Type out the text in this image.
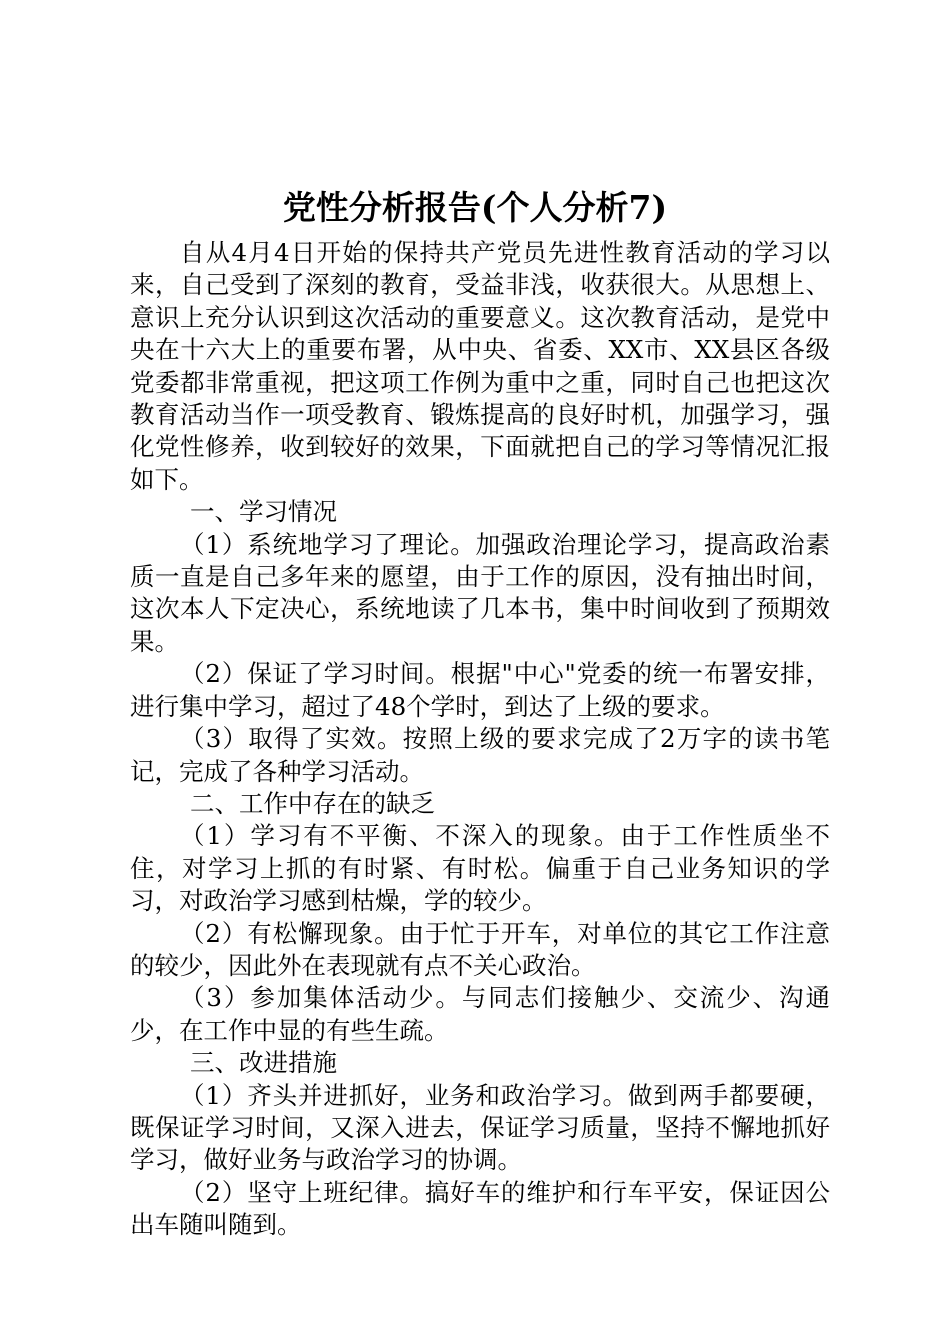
党性分析报告(个人分析7)

自从4月4日开始的保持共产党员先进性教育活动的学习以来，自己受到了深刻的教育，受益非浅，收获很大。从思想上、意识上充分认识到这次活动的重要意义。这次教育活动，是党中央在十六大上的重要布署，从中央、省委、XX市、XX县区各级党委都非常重视，把这项工作例为重中之重，同时自己也把这次教育活动当作一项受教育、锻炼提高的良好时机，加强学习，强化党性修养，收到较好的效果，下面就把自己的学习等情况汇报如下。

一、学习情况

（1）系统地学习了理论。加强政治理论学习，提高政治素质一直是自己多年来的愿望，由于工作的原因，没有抽出时间，这次本人下定决心，系统地读了几本书，集中时间收到了预期效果。

（2）保证了学习时间。根据"中心"党委的统一布署安排，进行集中学习，超过了48个学时，到达了上级的要求。

（3）取得了实效。按照上级的要求完成了2万字的读书笔记，完成了各种学习活动。

二、工作中存在的缺乏

（1）学习有不平衡、不深入的现象。由于工作性质坐不住，对学习上抓的有时紧、有时松。偏重于自己业务知识的学习，对政治学习感到枯燥，学的较少。

（2）有松懈现象。由于忙于开车，对单位的其它工作注意的较少，因此外在表现就有点不关心政治。

（3）参加集体活动少。与同志们接触少、交流少、沟通少，在工作中显的有些生疏。

三、改进措施

（1）齐头并进抓好，业务和政治学习。做到两手都要硬，既保证学习时间，又深入进去，保证学习质量，坚持不懈地抓好学习，做好业务与政治学习的协调。

（2）坚守上班纪律。搞好车的维护和行车平安，保证因公出车随叫随到。
